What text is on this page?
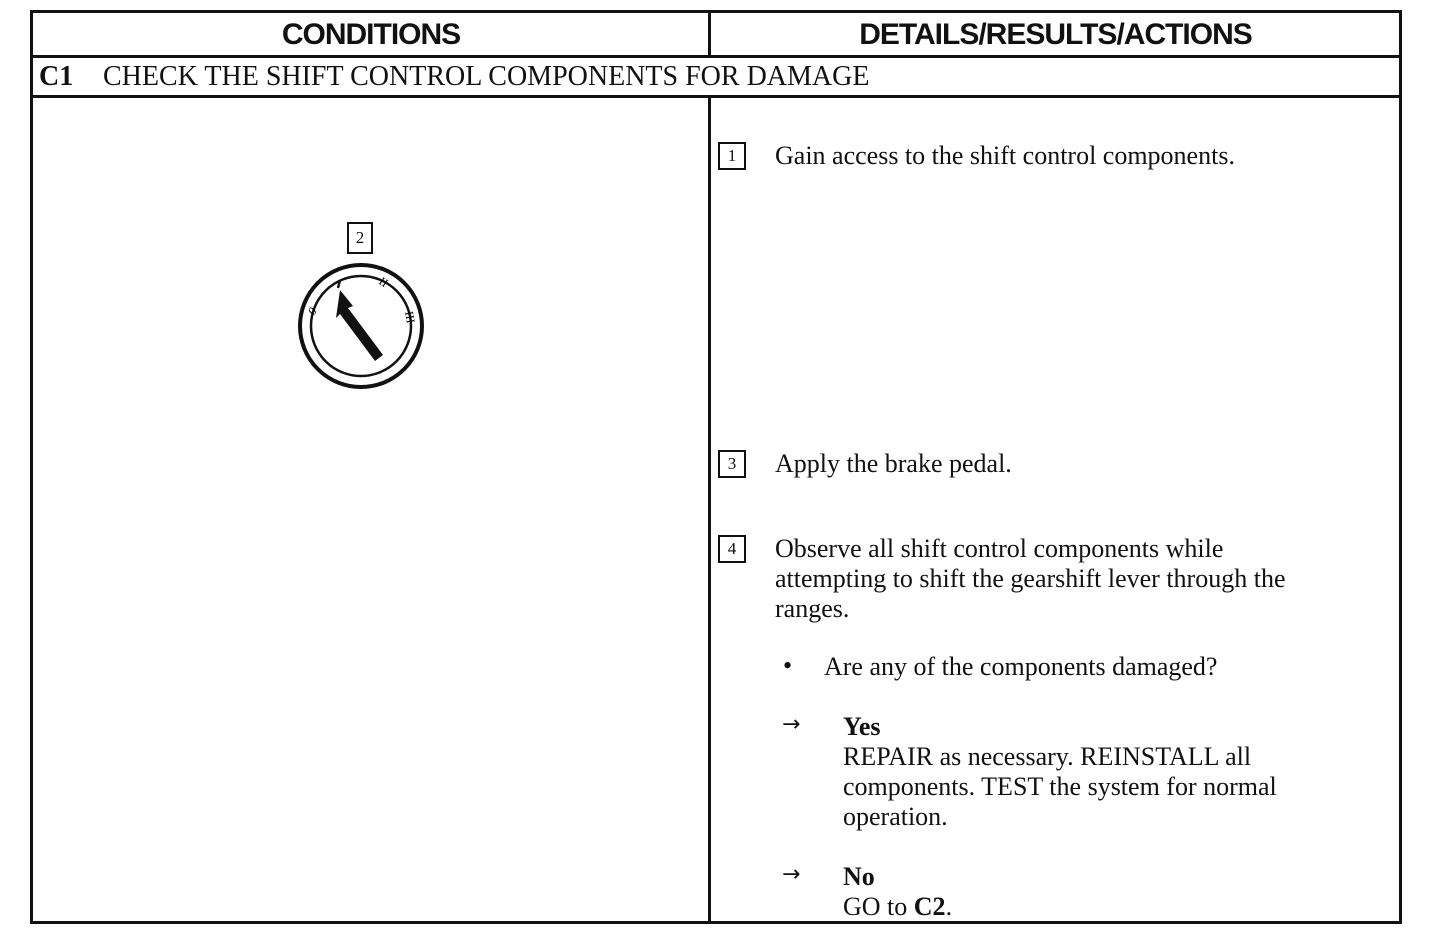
CONDITIONS	DETAILS/RESULTS/ACTIONS
C1	CHECK THE SHIFT CONTROL COMPONENTS FOR DAMAGE
2
0
II
III
1	Gain access to the shift control components.
3	Apply the brake pedal.
4	Observe all shift control components while
attempting to shift the gearshift lever through the
ranges.
• Are any of the components damaged?
→ Yes
REPAIR as necessary. REINSTALL all
components. TEST the system for normal
operation.
→ No
GO to C2.
